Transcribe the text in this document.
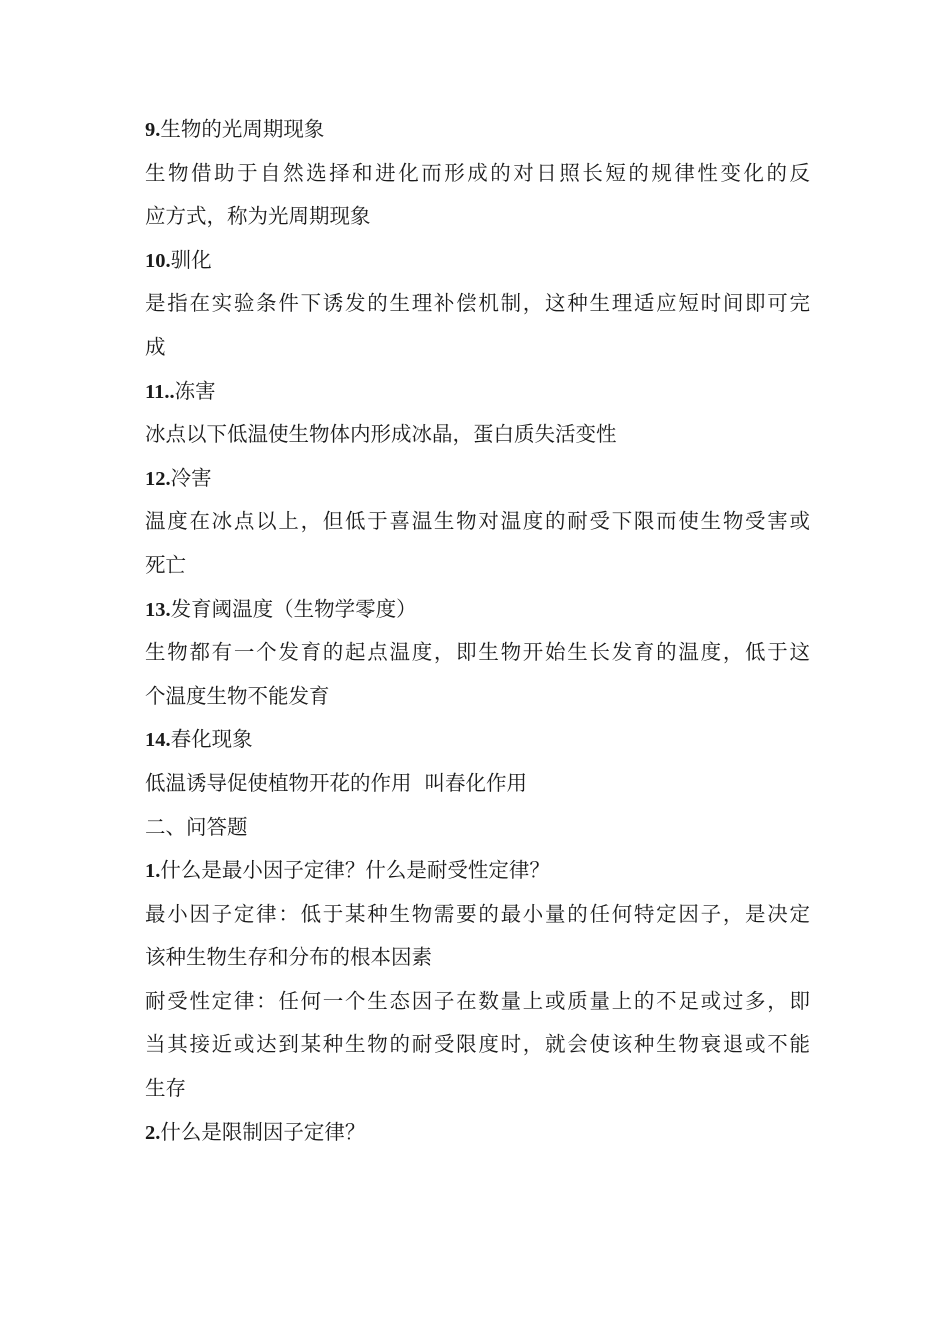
9.生物的光周期现象
生物借助于自然选择和进化而形成的对日照长短的规律性变化的反
应方式，称为光周期现象
10.驯化
是指在实验条件下诱发的生理补偿机制，这种生理适应短时间即可完
成
11..冻害
冰点以下低温使生物体内形成冰晶，蛋白质失活变性
12.冷害
温度在冰点以上，但低于喜温生物对温度的耐受下限而使生物受害或
死亡
13.发育阈温度（生物学零度）
生物都有一个发育的起点温度，即生物开始生长发育的温度，低于这
个温度生物不能发育
14.春化现象
低温诱导促使植物开花的作用  叫春化作用
二、问答题
1.什么是最小因子定律？什么是耐受性定律？
最小因子定律：低于某种生物需要的最小量的任何特定因子，是决定
该种生物生存和分布的根本因素
耐受性定律：任何一个生态因子在数量上或质量上的不足或过多，即
当其接近或达到某种生物的耐受限度时，就会使该种生物衰退或不能
生存
2.什么是限制因子定律？
